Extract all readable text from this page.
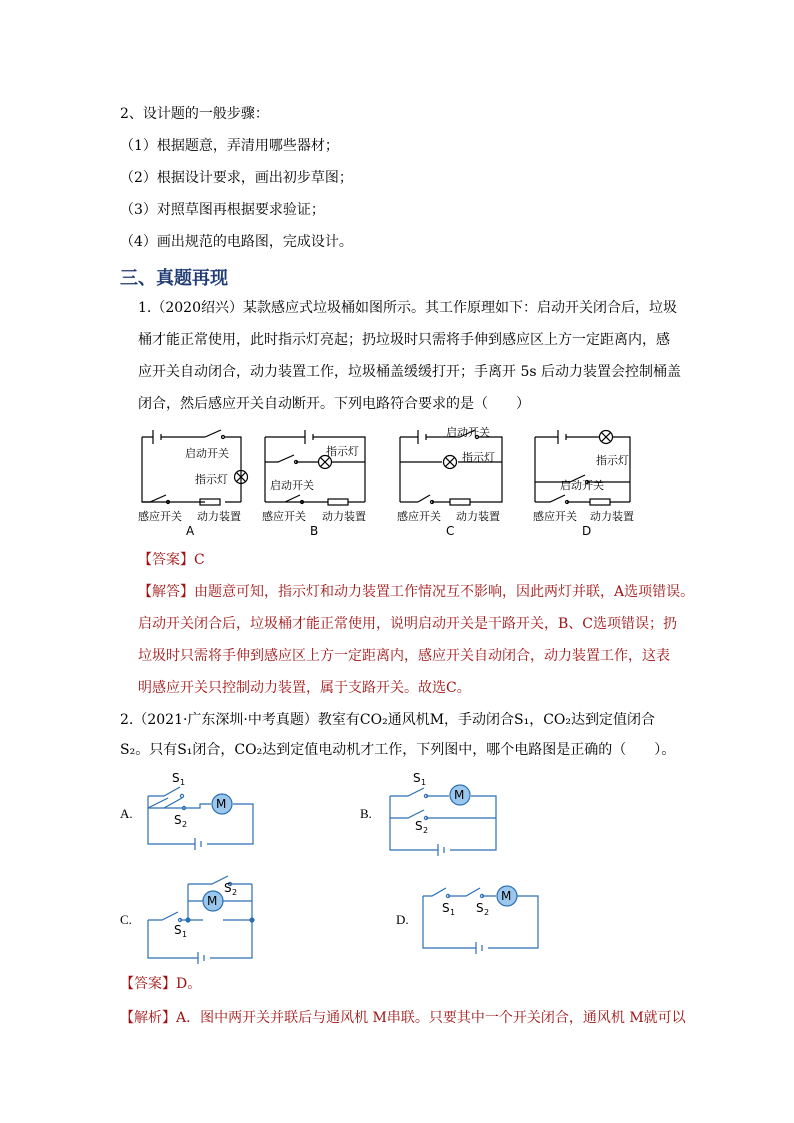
2、设计题的一般步骤：
（1）根据题意，弄清用哪些器材；
（2）根据设计要求，画出初步草图；
（3）对照草图再根据要求验证；
（4）画出规范的电路图，完成设计。
三、真题再现
1.（2020绍兴）某款感应式垃圾桶如图所示。其工作原理如下：启动开关闭合后，垃圾
桶才能正常使用，此时指示灯亮起；扔垃圾时只需将手伸到感应区上方一定距离内，感
应开关自动闭合，动力装置工作，垃圾桶盖缓缓打开；手离开 5s 后动力装置会控制桶盖
闭合，然后感应开关自动断开。下列电路符合要求的是（　　）
启动开关
指示灯
感应开关 动力装置
指示灯
启动开关
感应开关 动力装置
启动开关
指示灯
感应开关 动力装置
指示灯
启动开关
感应开关 动力装置
A	B	C	D
【答案】C
【解答】由题意可知，指示灯和动力装置工作情况互不影响，因此两灯并联，A选项错误。
启动开关闭合后，垃圾桶才能正常使用，说明启动开关是干路开关，B、C选项错误；扔
垃圾时只需将手伸到感应区上方一定距离内，感应开关自动闭合，动力装置工作，这表
明感应开关只控制动力装置，属于支路开关。故选C。
2.（2021·广东深圳·中考真题）教室有CO₂通风机M，手动闭合S₁，CO₂达到定值闭合
S₂。只有S₁闭合，CO₂达到定值电动机才工作，下列图中，哪个电路图是正确的（　　）。
A.	B.
C.	D.
M
M
M	M
S 1
S 2
S 1
S 2
S 2
S 1
S 1 S 2
【答案】D。
【解析】A．图中两开关并联后与通风机 M串联。只要其中一个开关闭合，通风机 M就可以
